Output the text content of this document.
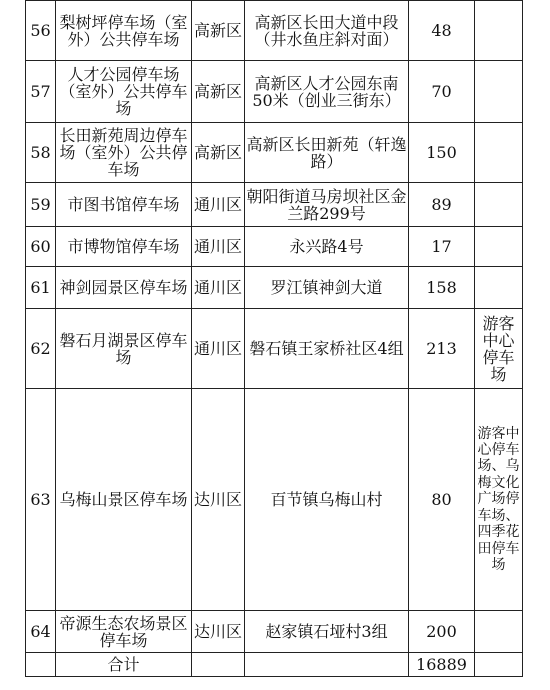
56	梨树坪停车场（室外）公共停车场	高新区	高新区长田大道中段（井水鱼庄斜对面）	48	
57	人才公园停车场（室外）公共停车场	高新区	高新区人才公园东南50米（创业三街东）	70	
58	长田新苑周边停车场（室外）公共停车场	高新区	高新区长田新苑（轩逸路）	150	
59	市图书馆停车场	通川区	朝阳街道马房坝社区金兰路299号	89	
60	市博物馆停车场	通川区	永兴路4号	17	
61	神剑园景区停车场	通川区	罗江镇神剑大道	158	
62	磐石月湖景区停车场	通川区	磐石镇王家桥社区4组	213	游客中心停车场
63	乌梅山景区停车场	达川区	百节镇乌梅山村	80	游客中心停车场、乌梅文化广场停车场、四季花田停车场
64	帝源生态农场景区停车场	达川区	赵家镇石垭村3组	200	
	合计			16889	
